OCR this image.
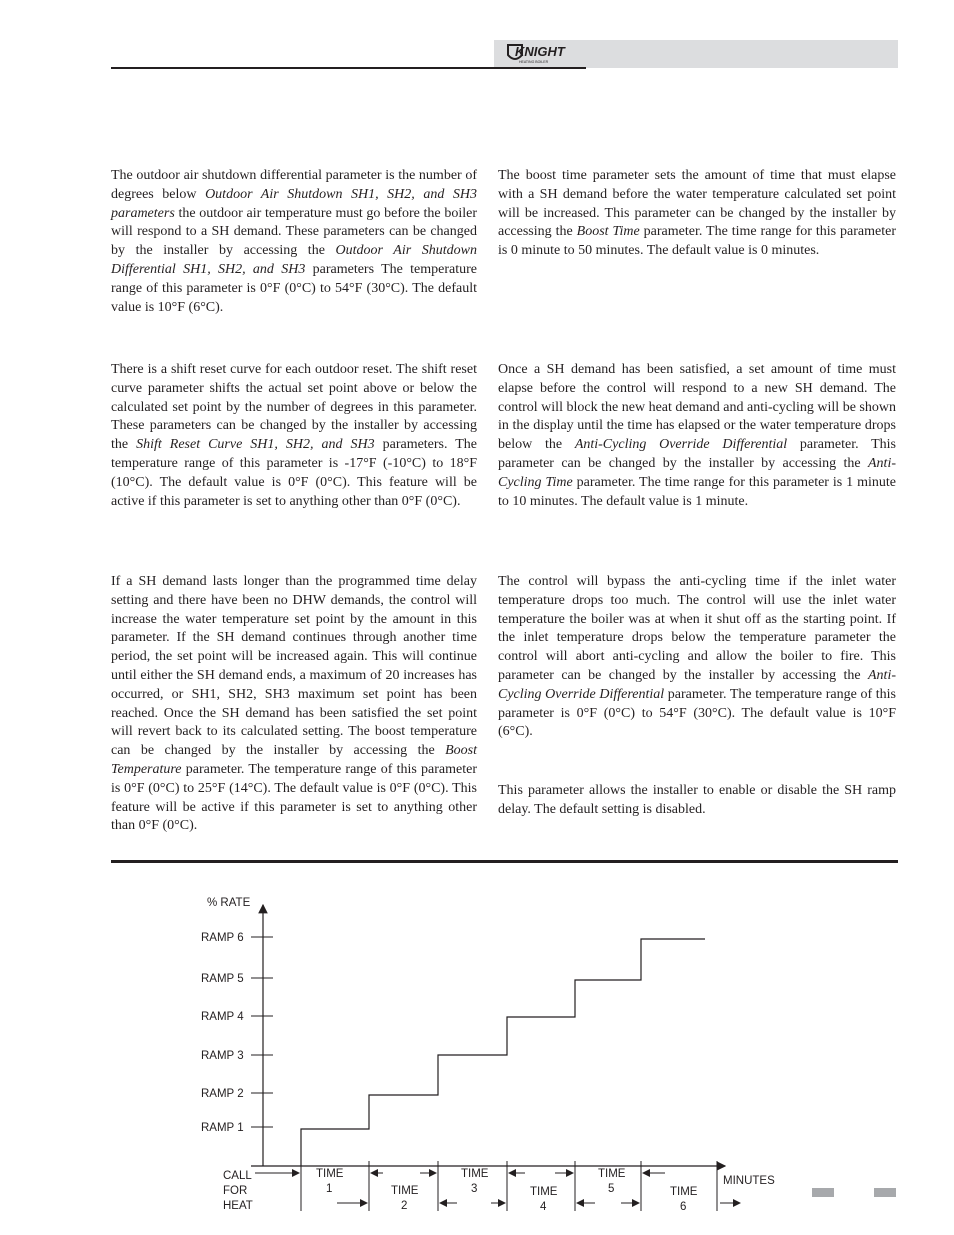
KNIGHT
HEATING BOILER

The outdoor air shutdown differential parameter is the number of degrees below Outdoor Air Shutdown SH1, SH2, and SH3 parameters the outdoor air temperature must go before the boiler will respond to a SH demand. These parameters can be changed by the installer by accessing the Outdoor Air Shutdown Differential SH1, SH2, and SH3 parameters The temperature range of this parameter is 0°F (0°C) to 54°F (30°C). The default value is 10°F (6°C).

There is a shift reset curve for each outdoor reset. The shift reset curve parameter shifts the actual set point above or below the calculated set point by the number of degrees in this parameter. These parameters can be changed by the installer by accessing the Shift Reset Curve SH1, SH2, and SH3 parameters. The temperature range of this parameter is -17°F (-10°C) to 18°F (10°C). The default value is 0°F (0°C). This feature will be active if this parameter is set to anything other than 0°F (0°C).

If a SH demand lasts longer than the programmed time delay setting and there have been no DHW demands, the control will increase the water temperature set point by the amount in this parameter. If the SH demand continues through another time period, the set point will be increased again. This will continue until either the SH demand ends, a maximum of 20 increases has occurred, or SH1, SH2, SH3 maximum set point has been reached. Once the SH demand has been satisfied the set point will revert back to its calculated setting. The boost temperature can be changed by the installer by accessing the Boost Temperature parameter. The temperature range of this parameter is 0°F (0°C) to 25°F (14°C). The default value is 0°F (0°C). This feature will be active if this parameter is set to anything other than 0°F (0°C).

The boost time parameter sets the amount of time that must elapse with a SH demand before the water temperature calculated set point will be increased. This parameter can be changed by the installer by accessing the Boost Time parameter. The time range for this parameter is 0 minute to 50 minutes. The default value is 0 minutes.

Once a SH demand has been satisfied, a set amount of time must elapse before the control will respond to a new SH demand. The control will block the new heat demand and anti-cycling will be shown in the display until the time has elapsed or the water temperature drops below the Anti-Cycling Override Differential parameter. This parameter can be changed by the installer by accessing the Anti-Cycling Time parameter. The time range for this parameter is 1 minute to 10 minutes. The default value is 1 minute.

The control will bypass the anti-cycling time if the inlet water temperature drops too much. The control will use the inlet water temperature the boiler was at when it shut off as the starting point. If the inlet temperature drops below the temperature parameter the control will abort anti-cycling and allow the boiler to fire. This parameter can be changed by the installer by accessing the Anti-Cycling Override Differential parameter. The temperature range of this parameter is 0°F (0°C) to 54°F (30°C). The default value is 10°F (6°C).

This parameter allows the installer to enable or disable the SH ramp delay. The default setting is disabled.

% RATE
MINUTES
RAMP 1
RAMP 2
RAMP 3
RAMP 4
RAMP 5
RAMP 6
CALL
FOR
HEAT
TIME
1	TIME
2
TIME
3	TIME
4
TIME
5	TIME
6
